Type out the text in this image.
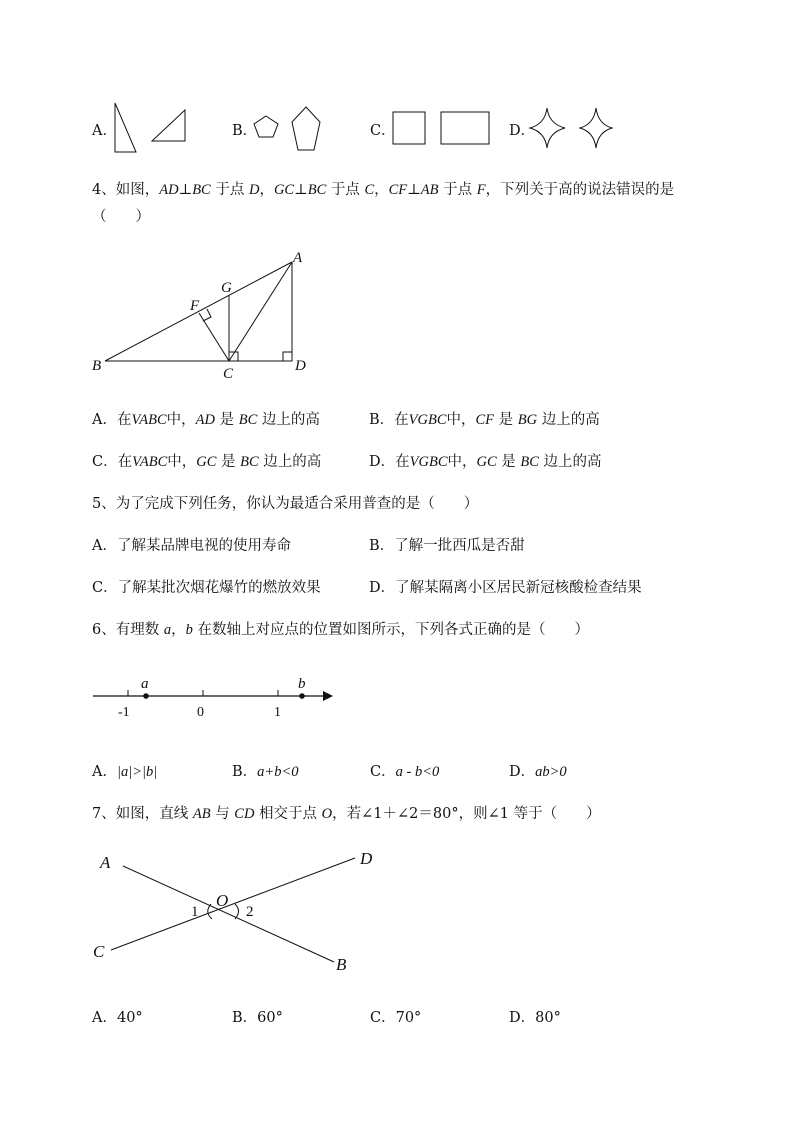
A．	B．	C．	D．
4、如图，AD⊥BC 于点 D，GC⊥BC 于点 C，CF⊥AB 于点 F，下列关于高的说法错误的是
（　　）
A
G
F
B	C	D
A．在VABC中，AD 是 BC 边上的高	B．在VGBC中，CF 是 BG 边上的高
C．在VABC中，GC 是 BC 边上的高	D．在VGBC中，GC 是 BC 边上的高
5、为了完成下列任务，你认为最适合采用普查的是（　　）
A．了解某品牌电视的使用寿命	B．了解一批西瓜是否甜
C．了解某批次烟花爆竹的燃放效果	D．了解某隔离小区居民新冠核酸检查结果
6、有理数 a，b 在数轴上对应点的位置如图所示，下列各式正确的是（　　）
a	b
-1	0	1
A．|a|>|b|	B．a+b<0	C．a - b<0	D．ab>0
7、如图，直线 AB 与 CD 相交于点 O，若∠1＋∠2＝80°，则∠1 等于（　　）
A	D
O
1	2
C
B
A．40°	B．60°	C．70°	D．80°
